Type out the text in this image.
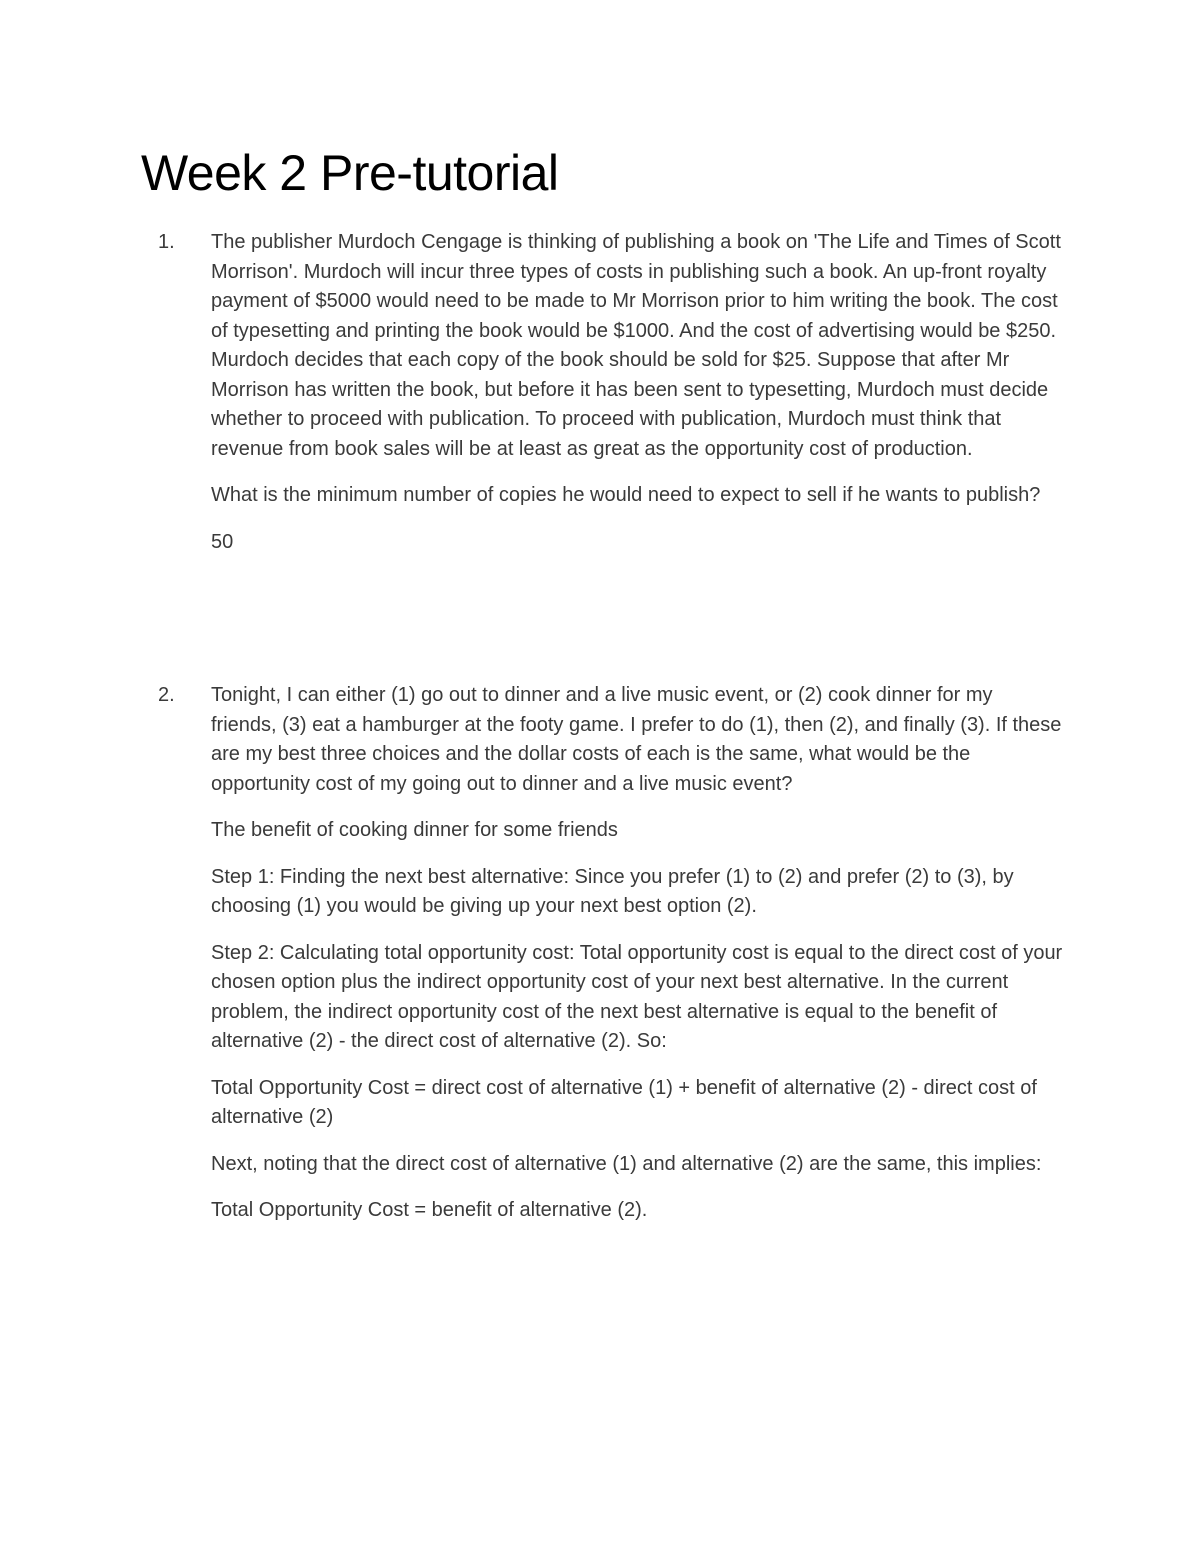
Week 2 Pre-tutorial
1. The publisher Murdoch Cengage is thinking of publishing a book on 'The Life and Times of Scott Morrison'. Murdoch will incur three types of costs in publishing such a book. An up-front royalty payment of $5000 would need to be made to Mr Morrison prior to him writing the book. The cost of typesetting and printing the book would be $1000. And the cost of advertising would be $250. Murdoch decides that each copy of the book should be sold for $25. Suppose that after Mr Morrison has written the book, but before it has been sent to typesetting, Murdoch must decide whether to proceed with publication. To proceed with publication, Murdoch must think that revenue from book sales will be at least as great as the opportunity cost of production.

What is the minimum number of copies he would need to expect to sell if he wants to publish?

50

2. Tonight, I can either (1) go out to dinner and a live music event, or (2) cook dinner for my friends, (3) eat a hamburger at the footy game. I prefer to do (1), then (2), and finally (3). If these are my best three choices and the dollar costs of each is the same, what would be the opportunity cost of my going out to dinner and a live music event?

The benefit of cooking dinner for some friends

Step 1: Finding the next best alternative: Since you prefer (1) to (2) and prefer (2) to (3), by choosing (1) you would be giving up your next best option (2).

Step 2: Calculating total opportunity cost: Total opportunity cost is equal to the direct cost of your chosen option plus the indirect opportunity cost of your next best alternative. In the current problem, the indirect opportunity cost of the next best alternative is equal to the benefit of alternative (2) - the direct cost of alternative (2). So:

Total Opportunity Cost = direct cost of alternative (1) + benefit of alternative (2) - direct cost of alternative (2)

Next, noting that the direct cost of alternative (1) and alternative (2) are the same, this implies:

Total Opportunity Cost = benefit of alternative (2).
